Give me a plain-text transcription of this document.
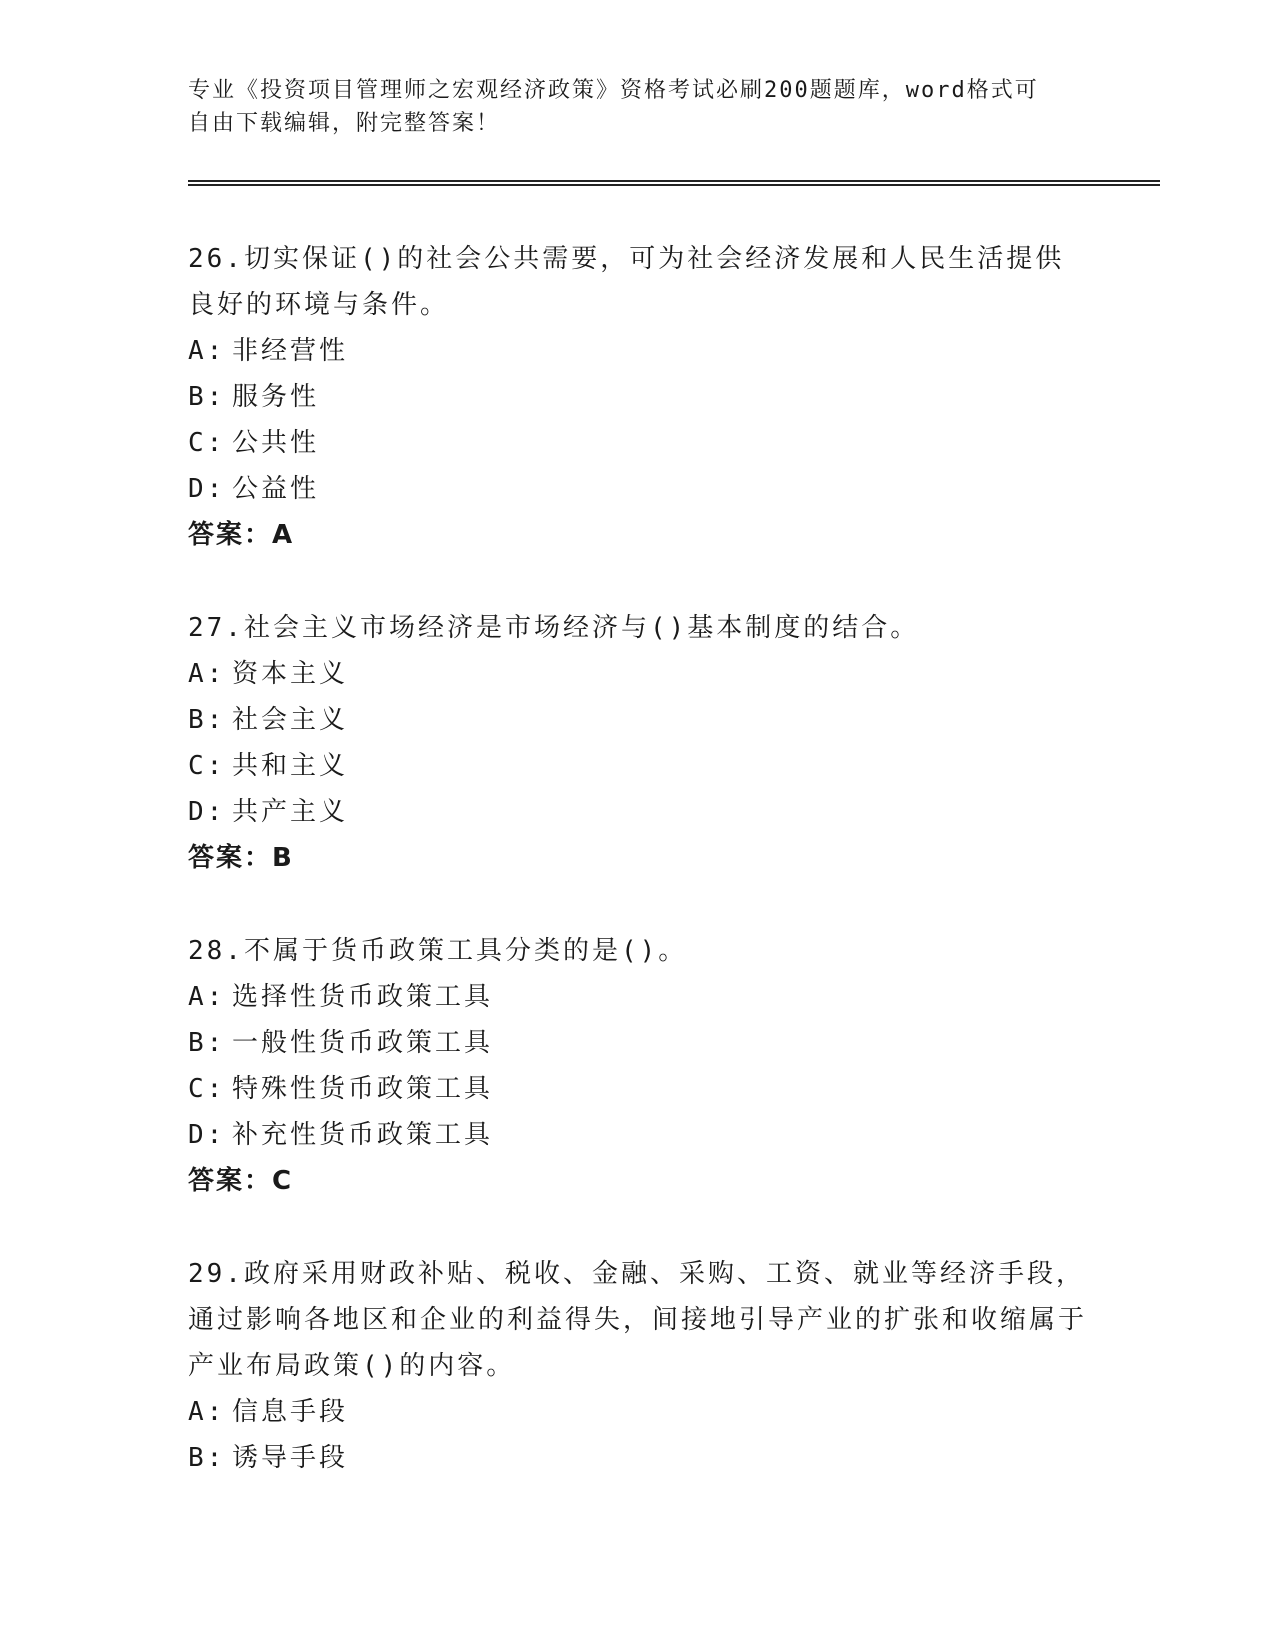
专业《投资项目管理师之宏观经济政策》资格考试必刷200题题库，word格式可
自由下载编辑，附完整答案！
26.切实保证()的社会公共需要，可为社会经济发展和人民生活提供良好的环境与条件。
A: 非经营性
B: 服务性
C: 公共性
D: 公益性
答案：A
27.社会主义市场经济是市场经济与()基本制度的结合。
A: 资本主义
B: 社会主义
C: 共和主义
D: 共产主义
答案：B
28.不属于货币政策工具分类的是()。
A: 选择性货币政策工具
B: 一般性货币政策工具
C: 特殊性货币政策工具
D: 补充性货币政策工具
答案：C
29.政府采用财政补贴、税收、金融、采购、工资、就业等经济手段，通过影响各地区和企业的利益得失，间接地引导产业的扩张和收缩属于产业布局政策()的内容。
A: 信息手段
B: 诱导手段
